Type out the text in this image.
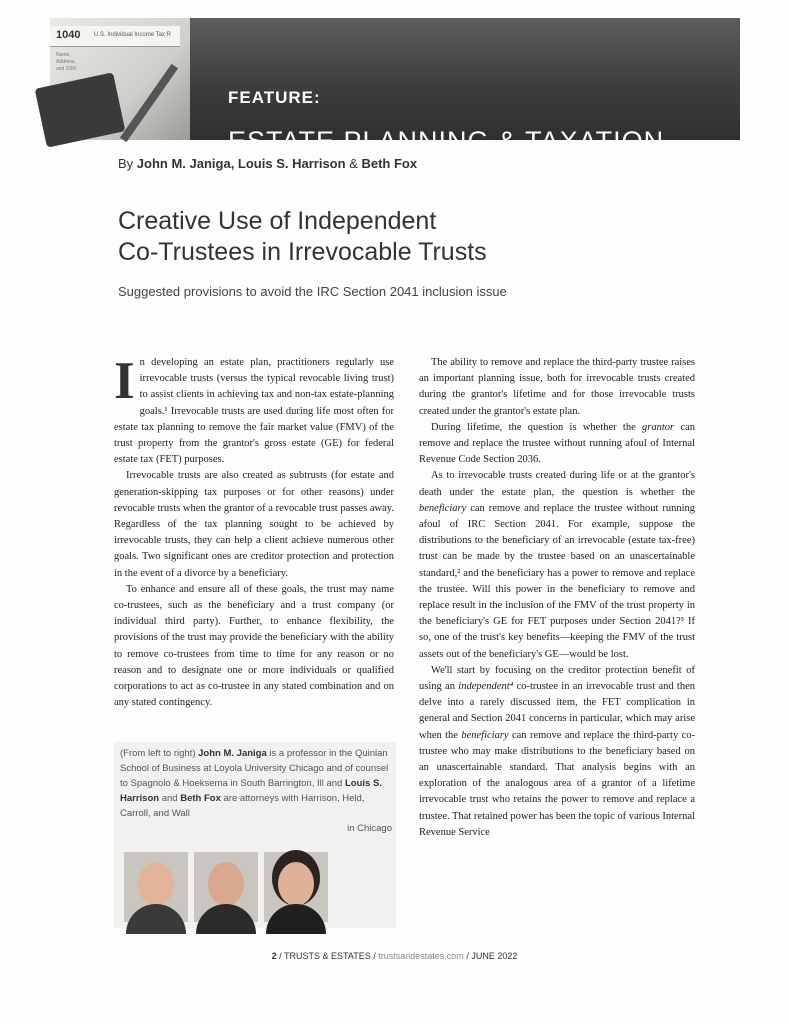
1040 U.S. Individual Income Tax R
Name,
Address,
and SSN
FEATURE:
ESTATE PLANNING & TAXATION
By John M. Janiga, Louis S. Harrison & Beth Fox
Creative Use of Independent
Co-Trustees in Irrevocable Trusts

Suggested provisions to avoid the IRC Section 2041 inclusion issue

In developing an estate plan, practitioners regularly use irrevocable trusts (versus the typical revocable living trust) to assist clients in achieving tax and non-tax estate-planning goals.¹ Irrevocable trusts are used during life most often for estate tax planning to remove the fair market value (FMV) of the trust property from the grantor's gross estate (GE) for federal estate tax (FET) purposes.

Irrevocable trusts are also created as subtrusts (for estate and generation-skipping tax purposes or for other reasons) under revocable trusts when the grantor of a revocable trust passes away. Regardless of the tax planning sought to be achieved by irrevocable trusts, they can help a client achieve numerous other goals. Two significant ones are creditor protection and protection in the event of a divorce by a beneficiary.

To enhance and ensure all of these goals, the trust may name co-trustees, such as the beneficiary and a trust company (or individual third party). Further, to enhance flexibility, the provisions of the trust may provide the beneficiary with the ability to remove co-trustees from time to time for any reason or no reason and to designate one or more individuals or qualified corporations to act as co-trustee in any stated combination and on any stated contingency.

(From left to right) John M. Janiga is a professor in the Quinlan School of Business at Loyola University Chicago and of counsel to Spagnolo & Hoeksema in South Barrington, Ill and Louis S. Harrison and Beth Fox are attorneys with Harrison, Held, Carroll, and Wall
in Chicago

The ability to remove and replace the third-party trustee raises an important planning issue, both for irrevocable trusts created during the grantor's lifetime and for those irrevocable trusts created under the grantor's estate plan.

During lifetime, the question is whether the grantor can remove and replace the trustee without running afoul of Internal Revenue Code Section 2036.

As to irrevocable trusts created during life or at the grantor's death under the estate plan, the question is whether the beneficiary can remove and replace the trustee without running afoul of IRC Section 2041. For example, suppose the distributions to the beneficiary of an irrevocable (estate tax-free) trust can be made by the trustee based on an unascertainable standard,² and the beneficiary has a power to remove and replace the trustee. Will this power in the beneficiary to remove and replace result in the inclusion of the FMV of the trust property in the beneficiary's GE for FET purposes under Section 2041?³ If so, one of the trust's key benefits—keeping the FMV of the trust assets out of the beneficiary's GE—would be lost.

We'll start by focusing on the creditor protection benefit of using an independent⁴ co-trustee in an irrevocable trust and then delve into a rarely discussed item, the FET complication in general and Section 2041 concerns in particular, which may arise when the beneficiary can remove and replace the third-party co-trustee who may make distributions to the beneficiary based on an unascertainable standard. That analysis begins with an exploration of the analogous area of a grantor of a lifetime irrevocable trust who retains the power to remove and replace a trustee. That retained power has been the topic of various Internal Revenue Service

2 / TRUSTS & ESTATES / trustsandestates.com / JUNE 2022
